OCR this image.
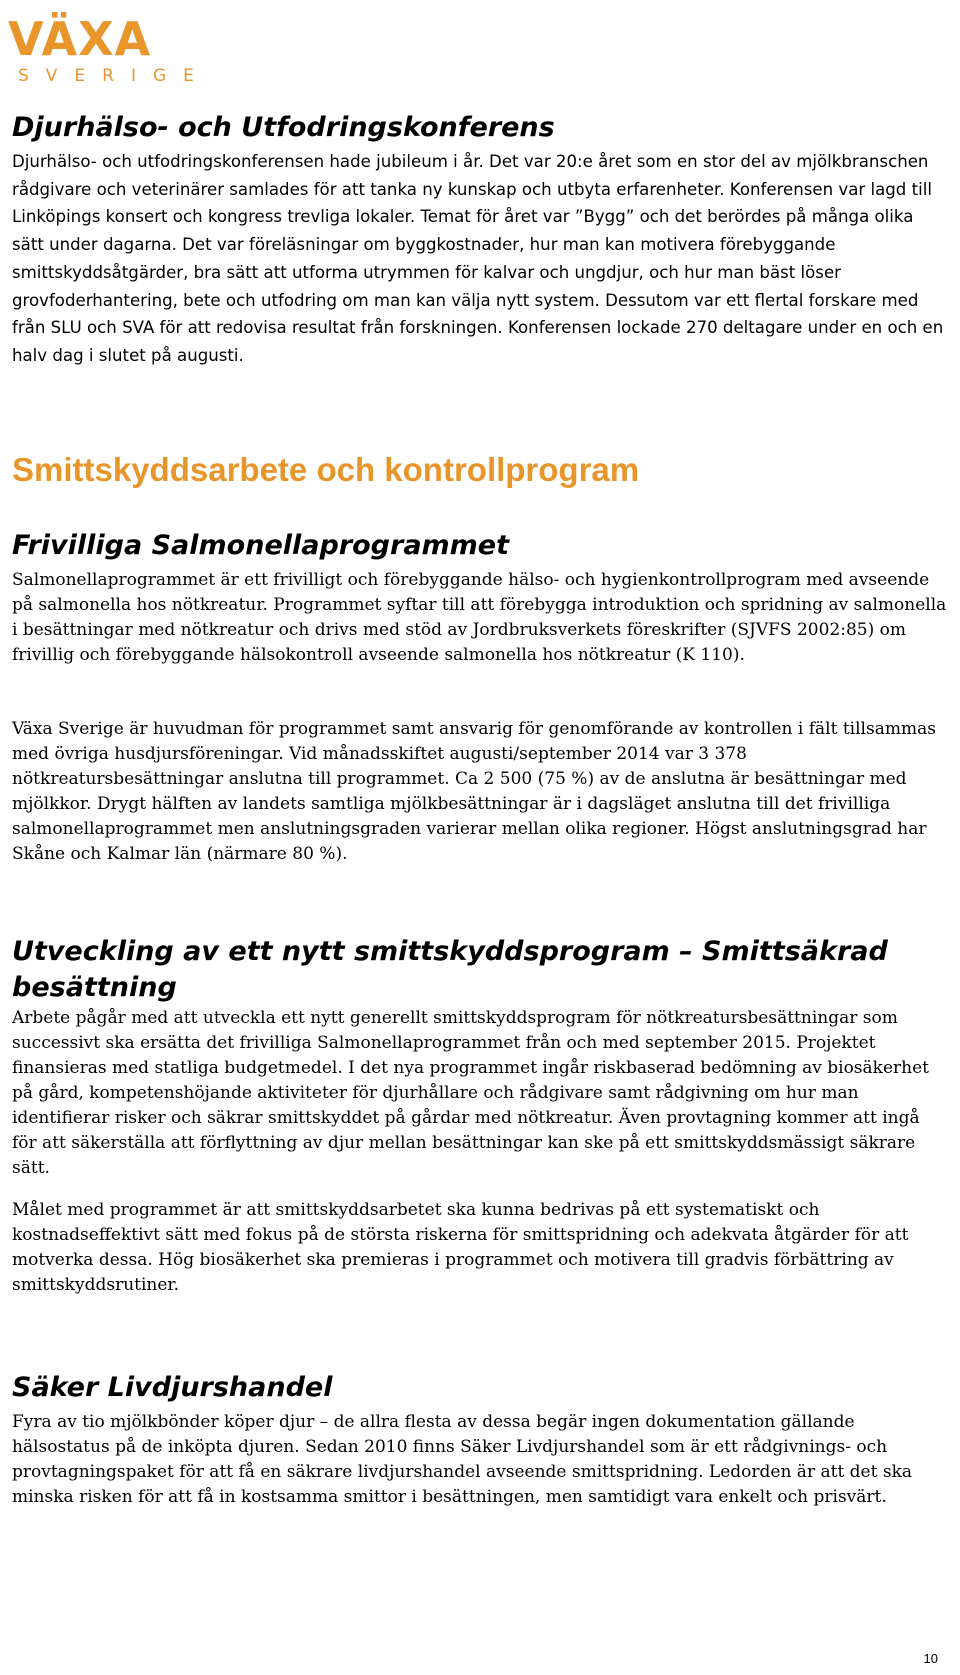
VÄXA
SVERIGE
Djurhälso- och Utfodringskonferens

Djurhälso- och utfodringskonferensen hade jubileum i år. Det var 20:e året som en stor del av mjölkbranschen rådgivare och veterinärer samlades för att tanka ny kunskap och utbyta erfarenheter. Konferensen var lagd till Linköpings konsert och kongress trevliga lokaler. Temat för året var ”Bygg” och det berördes på många olika sätt under dagarna. Det var föreläsningar om byggkostnader, hur man kan motivera förebyggande smittskyddsåtgärder, bra sätt att utforma utrymmen för kalvar och ungdjur, och hur man bäst löser grovfoderhantering, bete och utfodring om man kan välja nytt system. Dessutom var ett flertal forskare med från SLU och SVA för att redovisa resultat från forskningen. Konferensen lockade 270 deltagare under en och en halv dag i slutet på augusti.

Smittskyddsarbete och kontrollprogram
Frivilliga Salmonellaprogrammet

Salmonellaprogrammet är ett frivilligt och förebyggande hälso- och hygienkontrollprogram med avseende på salmonella hos nötkreatur. Programmet syftar till att förebygga introduktion och spridning av salmonella i besättningar med nötkreatur och drivs med stöd av Jordbruksverkets föreskrifter (SJVFS 2002:85) om frivillig och förebyggande hälsokontroll avseende salmonella hos nötkreatur (K 110).

Växa Sverige är huvudman för programmet samt ansvarig för genomförande av kontrollen i fält tillsammas med övriga husdjursföreningar. Vid månadsskiftet augusti/september 2014 var 3 378 nötkreatursbesättningar anslutna till programmet. Ca 2 500 (75 %) av de anslutna är besättningar med mjölkkor. Drygt hälften av landets samtliga mjölkbesättningar är i dagsläget anslutna till det frivilliga salmonellaprogrammet men anslutningsgraden varierar mellan olika regioner. Högst anslutningsgrad har Skåne och Kalmar län (närmare 80 %).

Utveckling av ett nytt smittskyddsprogram – Smittsäkrad besättning

Arbete pågår med att utveckla ett nytt generellt smittskyddsprogram för nötkreatursbesättningar som successivt ska ersätta det frivilliga Salmonellaprogrammet från och med september 2015. Projektet finansieras med statliga budgetmedel. I det nya programmet ingår riskbaserad bedömning av biosäkerhet på gård, kompetenshöjande aktiviteter för djurhållare och rådgivare samt rådgivning om hur man identifierar risker och säkrar smittskyddet på gårdar med nötkreatur. Även provtagning kommer att ingå för att säkerställa att förflyttning av djur mellan besättningar kan ske på ett smittskyddsmässigt säkrare sätt.

Målet med programmet är att smittskyddsarbetet ska kunna bedrivas på ett systematiskt och kostnadseffektivt sätt med fokus på de största riskerna för smittspridning och adekvata åtgärder för att motverka dessa. Hög biosäkerhet ska premieras i programmet och motivera till gradvis förbättring av smittskyddsrutiner.

Säker Livdjurshandel

Fyra av tio mjölkbönder köper djur – de allra flesta av dessa begär ingen dokumentation gällande hälsostatus på de inköpta djuren. Sedan 2010 finns Säker Livdjurshandel som är ett rådgivnings- och provtagningspaket för att få en säkrare livdjurshandel avseende smittspridning. Ledorden är att det ska minska risken för att få in kostsamma smittor i besättningen, men samtidigt vara enkelt och prisvärt.

10
